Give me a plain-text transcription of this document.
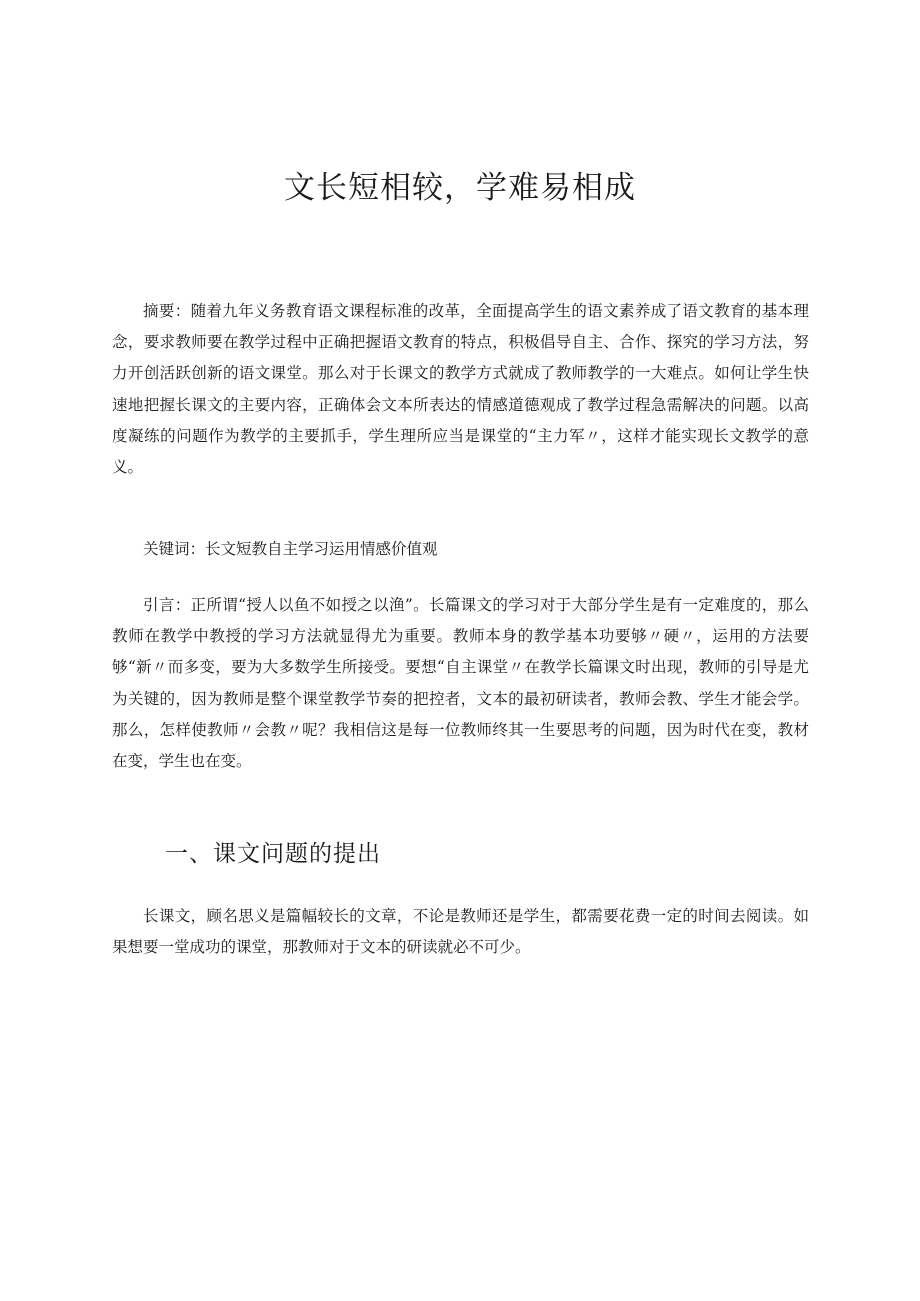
文长短相较，学难易相成

摘要：随着九年义务教育语文课程标准的改革，全面提高学生的语文素养成了语文教育的基本理念，要求教师要在教学过程中正确把握语文教育的特点，积极倡导自主、合作、探究的学习方法，努力开创活跃创新的语文课堂。那么对于长课文的教学方式就成了教师教学的一大难点。如何让学生快速地把握长课文的主要内容，正确体会文本所表达的情感道德观成了教学过程急需解决的问题。以高度凝练的问题作为教学的主要抓手，学生理所应当是课堂的“主力军〃，这样才能实现长文教学的意义。

关键词：长文短教自主学习运用情感价值观

引言：正所谓“授人以鱼不如授之以渔”。长篇课文的学习对于大部分学生是有一定难度的，那么教师在教学中教授的学习方法就显得尤为重要。教师本身的教学基本功要够〃硬〃，运用的方法要够“新〃而多变，要为大多数学生所接受。要想“自主课堂〃在教学长篇课文时出现，教师的引导是尤为关键的，因为教师是整个课堂教学节奏的把控者，文本的最初研读者，教师会教、学生才能会学。那么，怎样使教师〃会教〃呢？我相信这是每一位教师终其一生要思考的问题，因为时代在变，教材在变，学生也在变。

一、课文问题的提出

长课文，顾名思义是篇幅较长的文章，不论是教师还是学生，都需要花费一定的时间去阅读。如果想要一堂成功的课堂，那教师对于文本的研读就必不可少。
